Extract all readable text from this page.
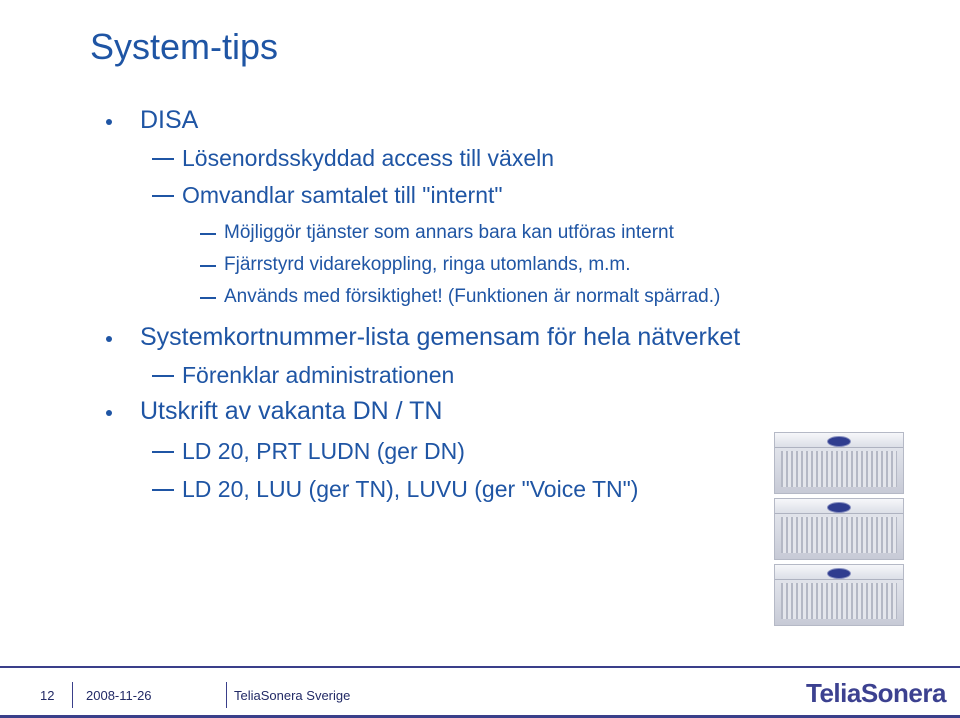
System-tips
DISA
Lösenordsskyddad access till växeln
Omvandlar samtalet till "internt"
Möjliggör tjänster som annars bara kan utföras internt
Fjärrstyrd vidarekoppling, ringa utomlands, m.m.
Används med försiktighet! (Funktionen är normalt spärrad.)
Systemkortnummer-lista gemensam för hela nätverket
Förenklar administrationen
Utskrift av vakanta DN / TN
LD 20, PRT LUDN (ger DN)
LD 20, LUU (ger TN), LUVU (ger "Voice TN")
12 2008-11-26	TeliaSonera Sverige	TeliaSonera
